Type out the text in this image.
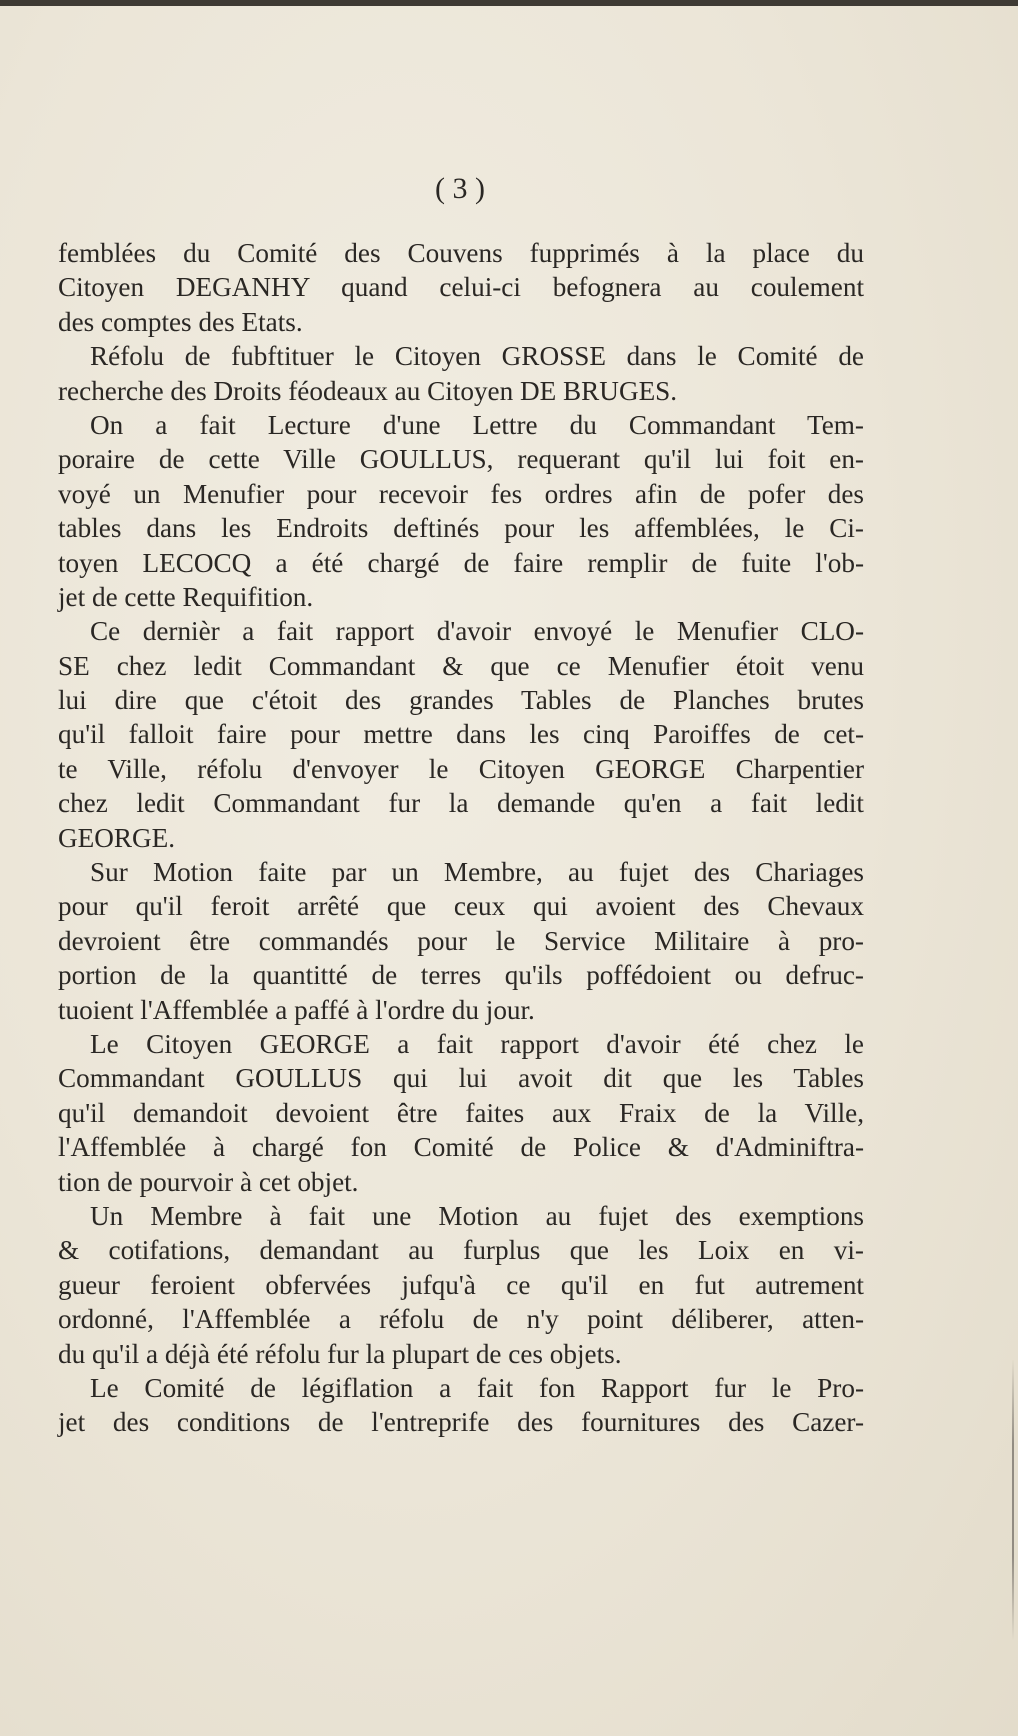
( 3 )
femblées du Comité des Couvens fupprimés à la place du
Citoyen DEGANHY quand celui-ci befognera au coulement
des comptes des Etats.
Réfolu de fubftituer le Citoyen GROSSE dans le Comité de
recherche des Droits féodeaux au Citoyen DE BRUGES.
On a fait Lecture d'une Lettre du Commandant Tem-
poraire de cette Ville GOULLUS, requerant qu'il lui foit en-
voyé un Menufier pour recevoir fes ordres afin de pofer des
tables dans les Endroits deftinés pour les affemblées, le Ci-
toyen LECOCQ a été chargé de faire remplir de fuite l'ob-
jet de cette Requifition.
Ce dernièr a fait rapport d'avoir envoyé le Menufier CLO-
SE chez ledit Commandant & que ce Menufier étoit venu
lui dire que c'étoit des grandes Tables de Planches brutes
qu'il falloit faire pour mettre dans les cinq Paroiffes de cet-
te Ville, réfolu d'envoyer le Citoyen GEORGE Charpentier
chez ledit Commandant fur la demande qu'en a fait ledit
GEORGE.
Sur Motion faite par un Membre, au fujet des Chariages
pour qu'il feroit arrêté que ceux qui avoient des Chevaux
devroient être commandés pour le Service Militaire à pro-
portion de la quantitté de terres qu'ils poffédoient ou defruc-
tuoient l'Affemblée a paffé à l'ordre du jour.
Le Citoyen GEORGE a fait rapport d'avoir été chez le
Commandant GOULLUS qui lui avoit dit que les Tables
qu'il demandoit devoient être faites aux Fraix de la Ville,
l'Affemblée à chargé fon Comité de Police & d'Adminiftra-
tion de pourvoir à cet objet.
Un Membre à fait une Motion au fujet des exemptions
& cotifations, demandant au furplus que les Loix en vi-
gueur feroient obfervées jufqu'à ce qu'il en fut autrement
ordonné, l'Affemblée a réfolu de n'y point déliberer, atten-
du qu'il a déjà été réfolu fur la plupart de ces objets.
Le Comité de légiflation a fait fon Rapport fur le Pro-
jet des conditions de l'entreprife des fournitures des Cazer-
